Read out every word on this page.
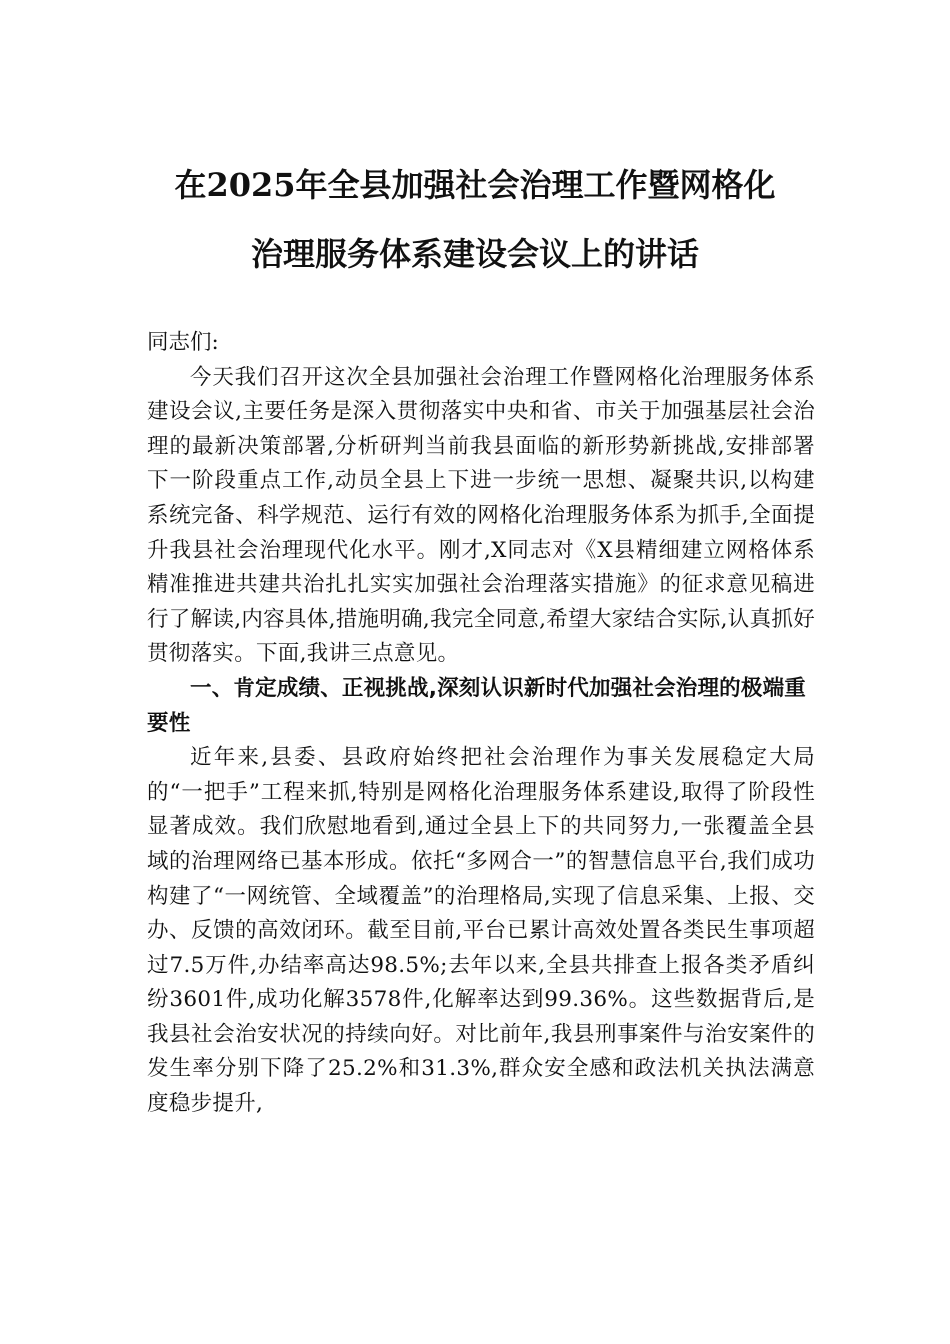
在2025年全县加强社会治理工作暨网格化
治理服务体系建设会议上的讲话

同志们:

今天我们召开这次全县加强社会治理工作暨网格化治理服务体系建设会议,主要任务是深入贯彻落实中央和省、市关于加强基层社会治理的最新决策部署,分析研判当前我县面临的新形势新挑战,安排部署下一阶段重点工作,动员全县上下进一步统一思想、凝聚共识,以构建系统完备、科学规范、运行有效的网格化治理服务体系为抓手,全面提升我县社会治理现代化水平。刚才,X同志对《X县精细建立网格体系精准推进共建共治扎扎实实加强社会治理落实措施》的征求意见稿进行了解读,内容具体,措施明确,我完全同意,希望大家结合实际,认真抓好贯彻落实。下面,我讲三点意见。

一、肯定成绩、正视挑战,深刻认识新时代加强社会治理的极端重要性

近年来,县委、县政府始终把社会治理作为事关发展稳定大局的“一把手”工程来抓,特别是网格化治理服务体系建设,取得了阶段性显著成效。我们欣慰地看到,通过全县上下的共同努力,一张覆盖全县域的治理网络已基本形成。依托“多网合一”的智慧信息平台,我们成功构建了“一网统管、全域覆盖”的治理格局,实现了信息采集、上报、交办、反馈的高效闭环。截至目前,平台已累计高效处置各类民生事项超过7.5万件,办结率高达98.5%;去年以来,全县共排查上报各类矛盾纠纷3601件,成功化解3578件,化解率达到99.36%。这些数据背后,是我县社会治安状况的持续向好。对比前年,我县刑事案件与治安案件的发生率分别下降了25.2%和31.3%,群众安全感和政法机关执法满意度稳步提升,
